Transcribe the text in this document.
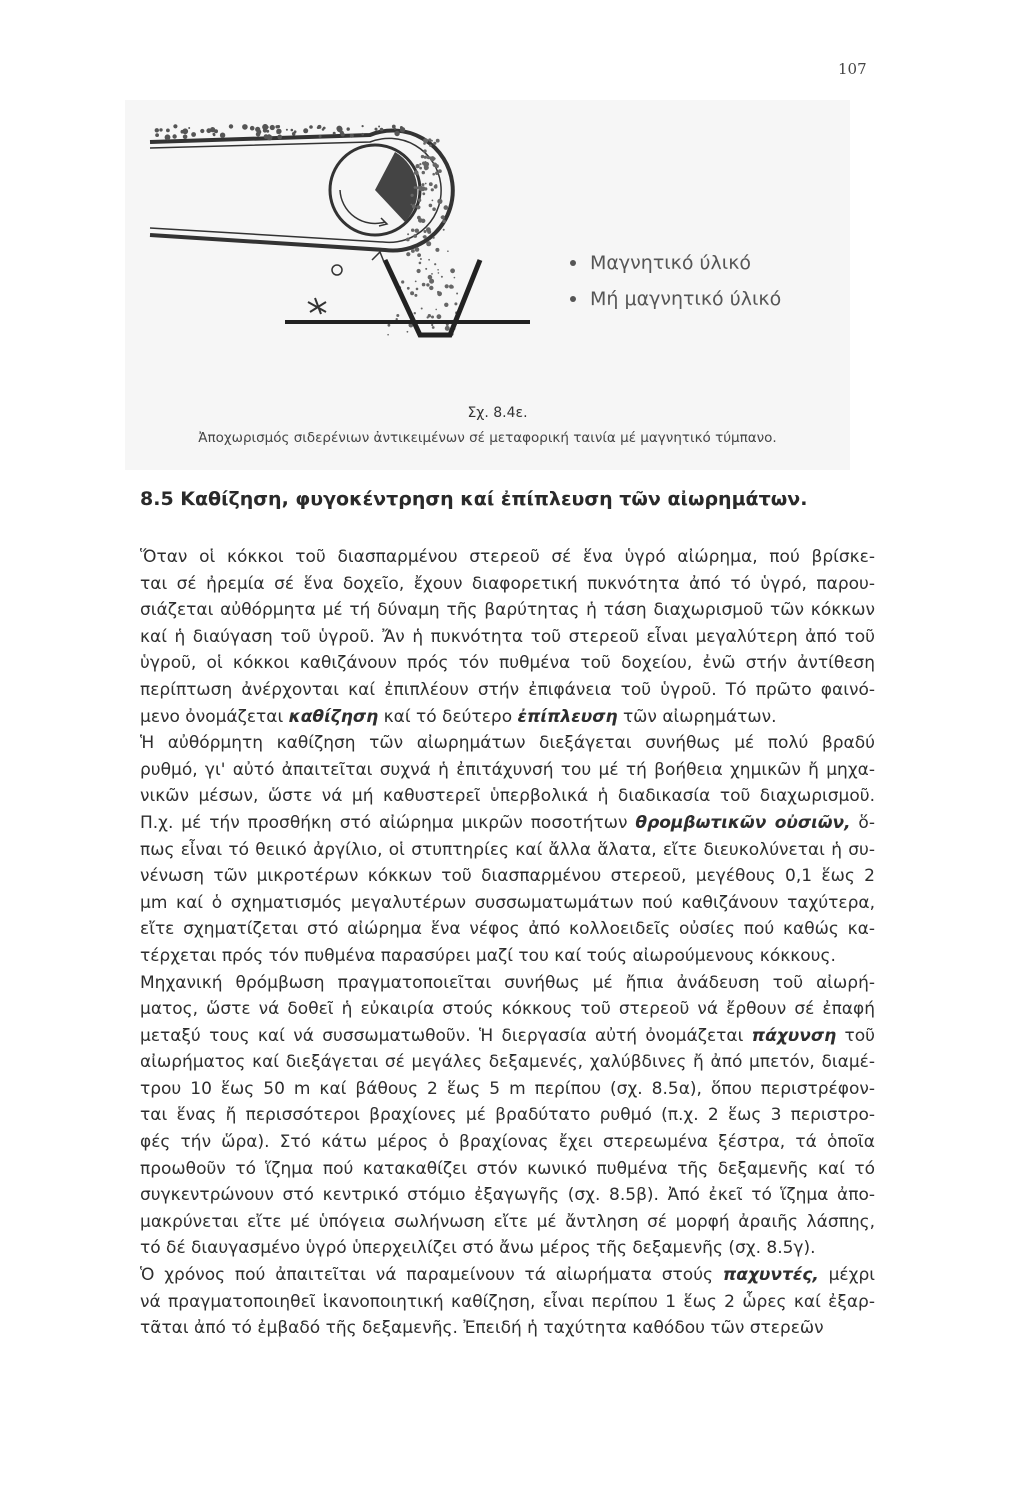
107
Μαγνητικό ύλικό
Μή μαγνητικό ύλικό
Σχ. 8.4ε.
Ἀποχωρισμός σιδερένιων ἀντικειμένων σέ μεταφορική ταινία μέ μαγνητικό τύμπανο.
8.5 Καθίζηση, φυγοκέντρηση καί ἐπίπλευση τῶν αἰωρημάτων.
Ὅταν οἱ κόκκοι τοῦ διασπαρμένου στερεοῦ σέ ἕνα ὑγρό αἰώρημα, πού βρίσκε-
ται σέ ἠρεμία σέ ἕνα δοχεῖο, ἔχουν διαφορετική πυκνότητα ἀπό τό ὑγρό, παρου-
σιάζεται αὐθόρμητα μέ τή δύναμη τῆς βαρύτητας ἡ τάση διαχωρισμοῦ τῶν κόκκων
καί ἡ διαύγαση τοῦ ὑγροῦ. Ἄν ἡ πυκνότητα τοῦ στερεοῦ εἶναι μεγαλύτερη ἀπό τοῦ
ὑγροῦ, οἱ κόκκοι καθιζάνουν πρός τόν πυθμένα τοῦ δοχείου, ἐνῶ στήν ἀντίθεση
περίπτωση ἀνέρχονται καί ἐπιπλέουν στήν ἐπιφάνεια τοῦ ὑγροῦ. Τό πρῶτο φαινό-
μενο ὀνομάζεται καθίζηση καί τό δεύτερο ἐπίπλευση τῶν αἰωρημάτων.
Ἡ αὐθόρμητη καθίζηση τῶν αἰωρημάτων διεξάγεται συνήθως μέ πολύ βραδύ
ρυθμό, γι' αὐτό ἀπαιτεῖται συχνά ἡ ἐπιτάχυνσή του μέ τή βοήθεια χημικῶν ἤ μηχα-
νικῶν μέσων, ὥστε νά μή καθυστερεῖ ὑπερβολικά ἡ διαδικασία τοῦ διαχωρισμοῦ.
Π.χ. μέ τήν προσθήκη στό αἰώρημα μικρῶν ποσοτήτων θρομβωτικῶν οὐσιῶν, ὅ-
πως εἶναι τό θειικό ἀργίλιο, οἱ στυπτηρίες καί ἄλλα ἅλατα, εἴτε διευκολύνεται ἡ συ-
νένωση τῶν μικροτέρων κόκκων τοῦ διασπαρμένου στερεοῦ, μεγέθους 0,1 ἕως 2
μm καί ὁ σχηματισμός μεγαλυτέρων συσσωματωμάτων πού καθιζάνουν ταχύτερα,
εἴτε σχηματίζεται στό αἰώρημα ἕνα νέφος ἀπό κολλοειδεῖς οὐσίες πού καθώς κα-
τέρχεται πρός τόν πυθμένα παρασύρει μαζί του καί τούς αἰωρούμενους κόκκους.
Μηχανική θρόμβωση πραγματοποιεῖται συνήθως μέ ἤπια ἀνάδευση τοῦ αἰωρή-
ματος, ὥστε νά δοθεῖ ἡ εὐκαιρία στούς κόκκους τοῦ στερεοῦ νά ἔρθουν σέ ἐπαφή
μεταξύ τους καί νά συσσωματωθοῦν. Ἡ διεργασία αὐτή ὀνομάζεται πάχυνση τοῦ
αἰωρήματος καί διεξάγεται σέ μεγάλες δεξαμενές, χαλύβδινες ἤ ἀπό μπετόν, διαμέ-
τρου 10 ἕως 50 m καί βάθους 2 ἕως 5 m περίπου (σχ. 8.5α), ὅπου περιστρέφον-
ται ἕνας ἤ περισσότεροι βραχίονες μέ βραδύτατο ρυθμό (π.χ. 2 ἕως 3 περιστρο-
φές τήν ὥρα). Στό κάτω μέρος ὁ βραχίονας ἔχει στερεωμένα ξέστρα, τά ὁποῖα
προωθοῦν τό ἵζημα πού κατακαθίζει στόν κωνικό πυθμένα τῆς δεξαμενῆς καί τό
συγκεντρώνουν στό κεντρικό στόμιο ἐξαγωγῆς (σχ. 8.5β). Ἀπό ἐκεῖ τό ἵζημα ἀπο-
μακρύνεται εἴτε μέ ὑπόγεια σωλήνωση εἴτε μέ ἄντληση σέ μορφή ἀραιῆς λάσπης,
τό δέ διαυγασμένο ὑγρό ὑπερχειλίζει στό ἄνω μέρος τῆς δεξαμενῆς (σχ. 8.5γ).
Ὁ χρόνος πού ἀπαιτεῖται νά παραμείνουν τά αἰωρήματα στούς παχυντές, μέχρι
νά πραγματοποιηθεῖ ἱκανοποιητική καθίζηση, εἶναι περίπου 1 ἕως 2 ὧρες καί ἐξαρ-
τᾶται ἀπό τό ἐμβαδό τῆς δεξαμενῆς. Ἐπειδή ἡ ταχύτητα καθόδου τῶν στερεῶν
